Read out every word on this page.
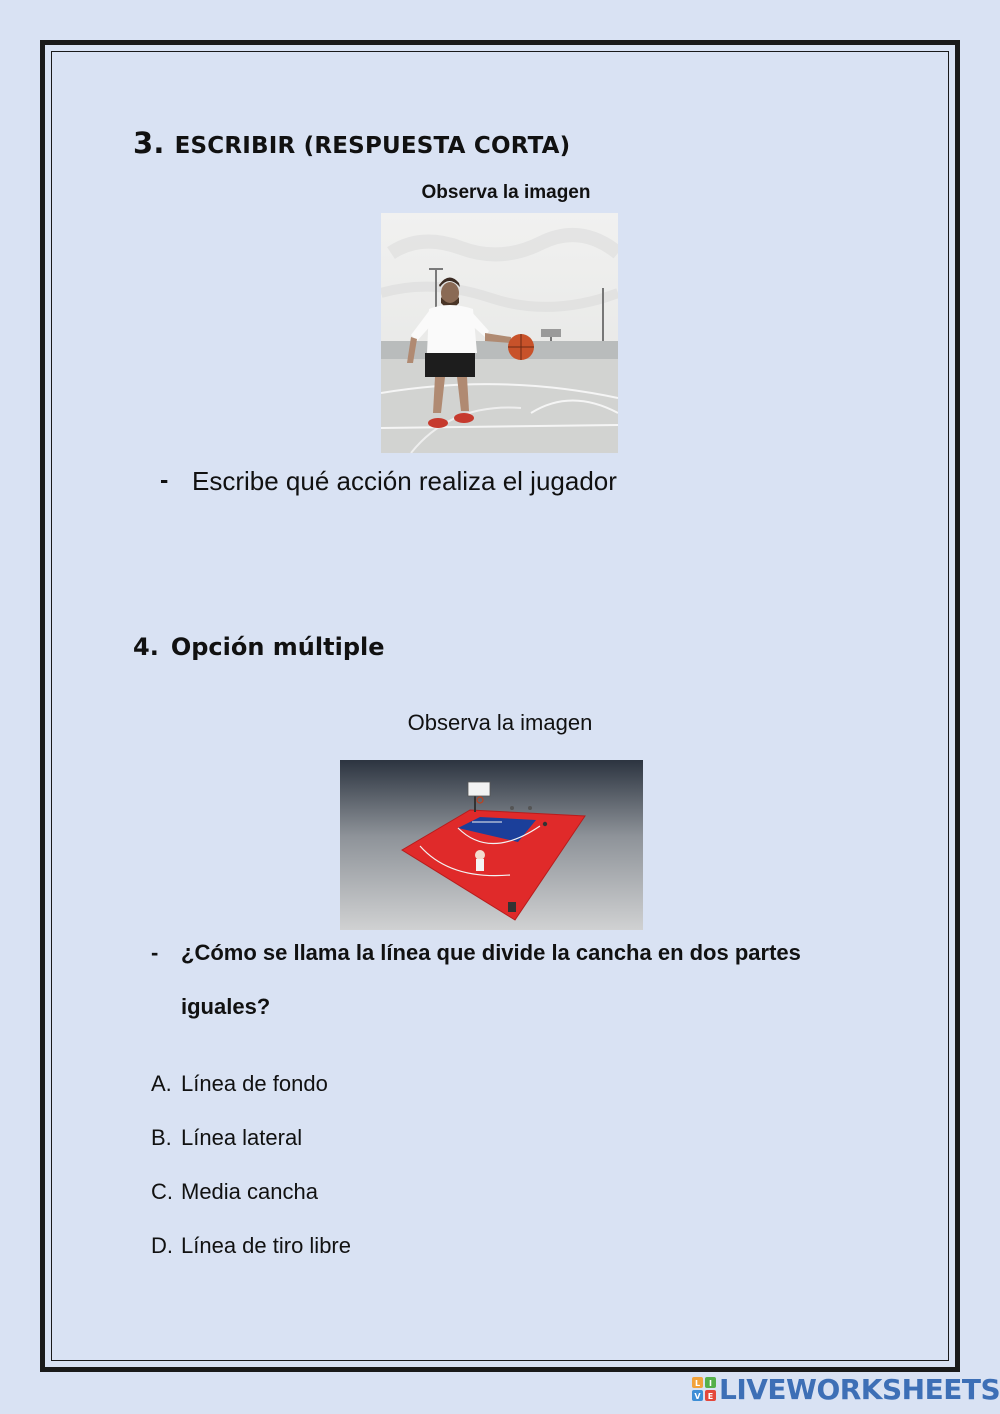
3. ESCRIBIR (RESPUESTA CORTA)
Observa la imagen
- Escribe qué acción realiza el jugador
4. Opción múltiple
Observa la imagen
- ¿Cómo se llama la línea que divide la cancha en dos partes
iguales?
A. Línea de fondo
B. Línea lateral
C. Media cancha
D. Línea de tiro libre
L I
V E LIVEWORKSHEETS
